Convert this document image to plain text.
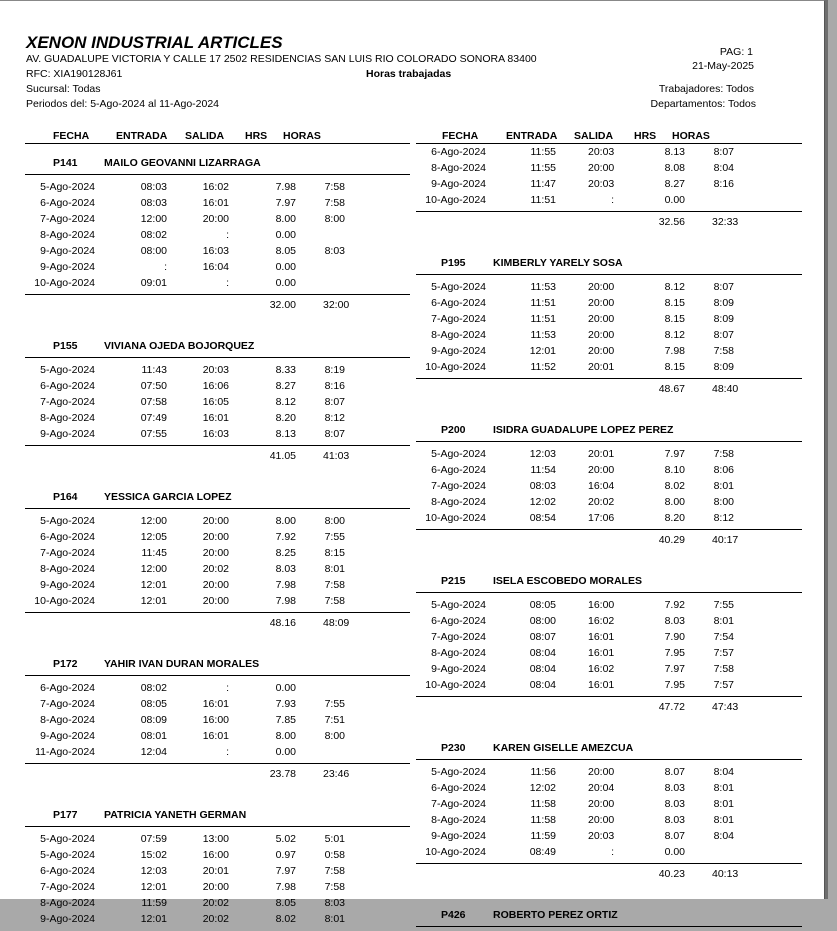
XENON INDUSTRIAL ARTICLES
AV. GUADALUPE VICTORIA Y CALLE 17 2502 RESIDENCIAS SAN LUIS RIO COLORADO SONORA 83400
RFC: XIA190128J61
Sucursal: Todas
Periodos del: 5-Ago-2024 al 11-Ago-2024
Horas trabajadas
PAG: 1
21-May-2025
Trabajadores: Todos
Departamentos: Todos
FECHA	ENTRADA SALIDA HRS HORAS
P141	MAILO GEOVANNI LIZARRAGA
5-Ago-2024	08:03	16:02	7.98	7:58
6-Ago-2024	08:03	16:01	7.97	7:58
7-Ago-2024	12:00	20:00	8.00	8:00
8-Ago-2024	08:02	:	0.00
9-Ago-2024	08:00	16:03	8.05	8:03
9-Ago-2024	:	16:04	0.00
10-Ago-2024	09:01	:	0.00
32.00	32:00
P155	VIVIANA OJEDA BOJORQUEZ
5-Ago-2024	11:43	20:03	8.33	8:19
6-Ago-2024	07:50	16:06	8.27	8:16
7-Ago-2024	07:58	16:05	8.12	8:07
8-Ago-2024	07:49	16:01	8.20	8:12
9-Ago-2024	07:55	16:03	8.13	8:07
41.05	41:03
P164	YESSICA GARCIA LOPEZ
5-Ago-2024	12:00	20:00	8.00	8:00
6-Ago-2024	12:05	20:00	7.92	7:55
7-Ago-2024	11:45	20:00	8.25	8:15
8-Ago-2024	12:00	20:02	8.03	8:01
9-Ago-2024	12:01	20:00	7.98	7:58
10-Ago-2024	12:01	20:00	7.98	7:58
48.16	48:09
P172	YAHIR IVAN DURAN MORALES
6-Ago-2024	08:02	:	0.00
7-Ago-2024	08:05	16:01	7.93	7:55
8-Ago-2024	08:09	16:00	7.85	7:51
9-Ago-2024	08:01	16:01	8.00	8:00
11-Ago-2024	12:04	:	0.00
23.78	23:46
P177	PATRICIA YANETH GERMAN
5-Ago-2024	07:59	13:00	5.02	5:01
5-Ago-2024	15:02	16:00	0.97	0:58
6-Ago-2024	12:03	20:01	7.97	7:58
7-Ago-2024	12:01	20:00	7.98	7:58
8-Ago-2024	11:59	20:02	8.05	8:03
9-Ago-2024	12:01	20:02	8.02	8:01
FECHA	ENTRADA SALIDA HRS HORAS
6-Ago-2024	11:55	20:03	8.13	8:07
8-Ago-2024	11:55	20:00	8.08	8:04
9-Ago-2024	11:47	20:03	8.27	8:16
10-Ago-2024	11:51	:	0.00
32.56	32:33
P195	KIMBERLY YARELY SOSA
5-Ago-2024	11:53	20:00	8.12	8:07
6-Ago-2024	11:51	20:00	8.15	8:09
7-Ago-2024	11:51	20:00	8.15	8:09
8-Ago-2024	11:53	20:00	8.12	8:07
9-Ago-2024	12:01	20:00	7.98	7:58
10-Ago-2024	11:52	20:01	8.15	8:09
48.67	48:40
P200	ISIDRA GUADALUPE LOPEZ PEREZ
5-Ago-2024	12:03	20:01	7.97	7:58
6-Ago-2024	11:54	20:00	8.10	8:06
7-Ago-2024	08:03	16:04	8.02	8:01
8-Ago-2024	12:02	20:02	8.00	8:00
10-Ago-2024	08:54	17:06	8.20	8:12
40.29	40:17
P215	ISELA ESCOBEDO MORALES
5-Ago-2024	08:05	16:00	7.92	7:55
6-Ago-2024	08:00	16:02	8.03	8:01
7-Ago-2024	08:07	16:01	7.90	7:54
8-Ago-2024	08:04	16:01	7.95	7:57
9-Ago-2024	08:04	16:02	7.97	7:58
10-Ago-2024	08:04	16:01	7.95	7:57
47.72	47:43
P230	KAREN GISELLE AMEZCUA
5-Ago-2024	11:56	20:00	8.07	8:04
6-Ago-2024	12:02	20:04	8.03	8:01
7-Ago-2024	11:58	20:00	8.03	8:01
8-Ago-2024	11:58	20:00	8.03	8:01
9-Ago-2024	11:59	20:03	8.07	8:04
10-Ago-2024	08:49	:	0.00
40.23	40:13
P426	ROBERTO PEREZ ORTIZ
